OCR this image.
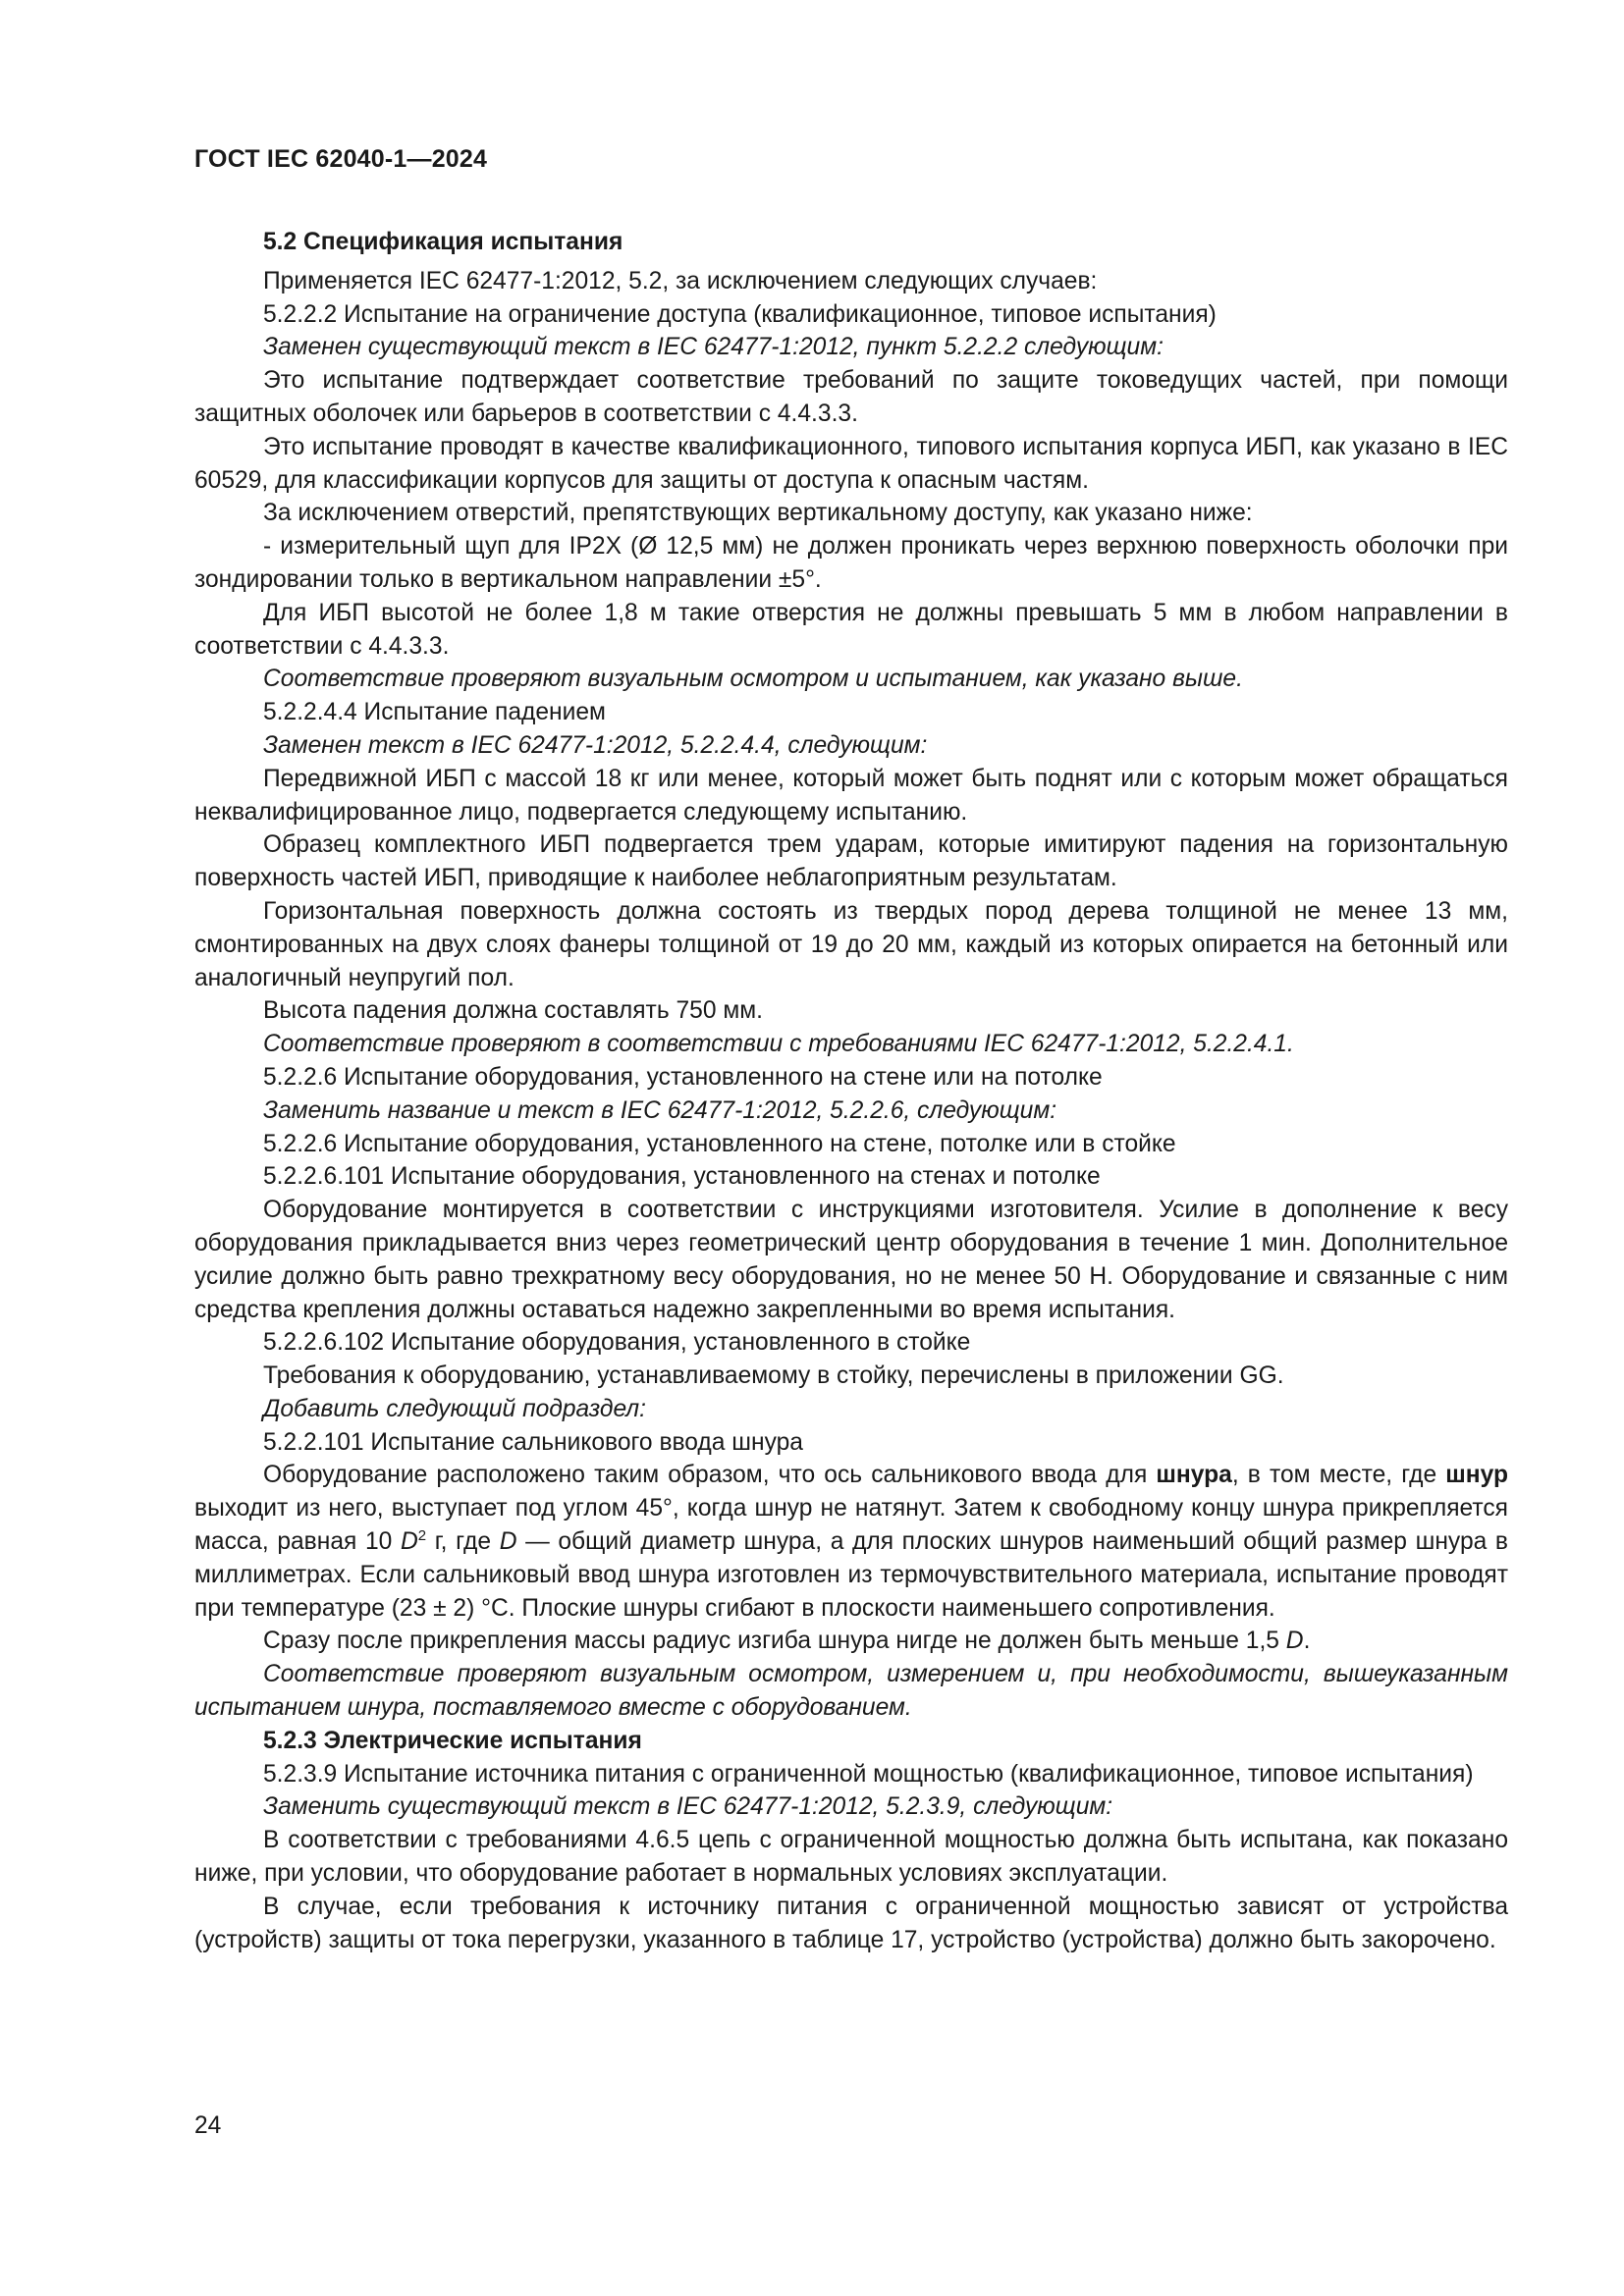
ГОСТ IEC 62040-1—2024

5.2 Спецификация испытания

Применяется IEC 62477-1:2012, 5.2, за исключением следующих случаев:

5.2.2.2 Испытание на ограничение доступа (квалификационное, типовое испытания)

Заменен существующий текст в IEC 62477-1:2012, пункт 5.2.2.2 следующим:

Это испытание подтверждает соответствие требований по защите токоведущих частей, при помощи защитных оболочек или барьеров в соответствии с 4.4.3.3.

Это испытание проводят в качестве квалификационного, типового испытания корпуса ИБП, как указано в IEC 60529, для классификации корпусов для защиты от доступа к опасным частям.

За исключением отверстий, препятствующих вертикальному доступу, как указано ниже:

- измерительный щуп для IP2X (Ø 12,5 мм) не должен проникать через верхнюю поверхность оболочки при зондировании только в вертикальном направлении ±5°.

Для ИБП высотой не более 1,8 м такие отверстия не должны превышать 5 мм в любом направлении в соответствии с 4.4.3.3.

Соответствие проверяют визуальным осмотром и испытанием, как указано выше.

5.2.2.4.4 Испытание падением

Заменен текст в IEC 62477-1:2012, 5.2.2.4.4, следующим:

Передвижной ИБП с массой 18 кг или менее, который может быть поднят или с которым может обращаться неквалифицированное лицо, подвергается следующему испытанию.

Образец комплектного ИБП подвергается трем ударам, которые имитируют падения на горизонтальную поверхность частей ИБП, приводящие к наиболее неблагоприятным результатам.

Горизонтальная поверхность должна состоять из твердых пород дерева толщиной не менее 13 мм, смонтированных на двух слоях фанеры толщиной от 19 до 20 мм, каждый из которых опирается на бетонный или аналогичный неупругий пол.

Высота падения должна составлять 750 мм.

Соответствие проверяют в соответствии с требованиями IEC 62477-1:2012, 5.2.2.4.1.

5.2.2.6 Испытание оборудования, установленного на стене или на потолке

Заменить название и текст в IEC 62477-1:2012, 5.2.2.6, следующим:

5.2.2.6 Испытание оборудования, установленного на стене, потолке или в стойке

5.2.2.6.101 Испытание оборудования, установленного на стенах и потолке

Оборудование монтируется в соответствии с инструкциями изготовителя. Усилие в дополнение к весу оборудования прикладывается вниз через геометрический центр оборудования в течение 1 мин. Дополнительное усилие должно быть равно трехкратному весу оборудования, но не менее 50 Н. Оборудование и связанные с ним средства крепления должны оставаться надежно закрепленными во время испытания.

5.2.2.6.102 Испытание оборудования, установленного в стойке

Требования к оборудованию, устанавливаемому в стойку, перечислены в приложении GG.

Добавить следующий подраздел:

5.2.2.101 Испытание сальникового ввода шнура

Оборудование расположено таким образом, что ось сальникового ввода для шнура, в том месте, где шнур выходит из него, выступает под углом 45°, когда шнур не натянут. Затем к свободному концу шнура прикрепляется масса, равная 10 $D^2$ г, где D — общий диаметр шнура, а для плоских шнуров наименьший общий размер шнура в миллиметрах. Если сальниковый ввод шнура изготовлен из термочувствительного материала, испытание проводят при температуре (23 ± 2) °С. Плоские шнуры сгибают в плоскости наименьшего сопротивления.

Сразу после прикрепления массы радиус изгиба шнура нигде не должен быть меньше 1,5 D.

Соответствие проверяют визуальным осмотром, измерением и, при необходимости, вышеуказанным испытанием шнура, поставляемого вместе с оборудованием.

5.2.3 Электрические испытания

5.2.3.9 Испытание источника питания с ограниченной мощностью (квалификационное, типовое испытания)

Заменить существующий текст в IEC 62477-1:2012, 5.2.3.9, следующим:

В соответствии с требованиями 4.6.5 цепь с ограниченной мощностью должна быть испытана, как показано ниже, при условии, что оборудование работает в нормальных условиях эксплуатации.

В случае, если требования к источнику питания с ограниченной мощностью зависят от устройства (устройств) защиты от тока перегрузки, указанного в таблице 17, устройство (устройства) должно быть закорочено.

24
